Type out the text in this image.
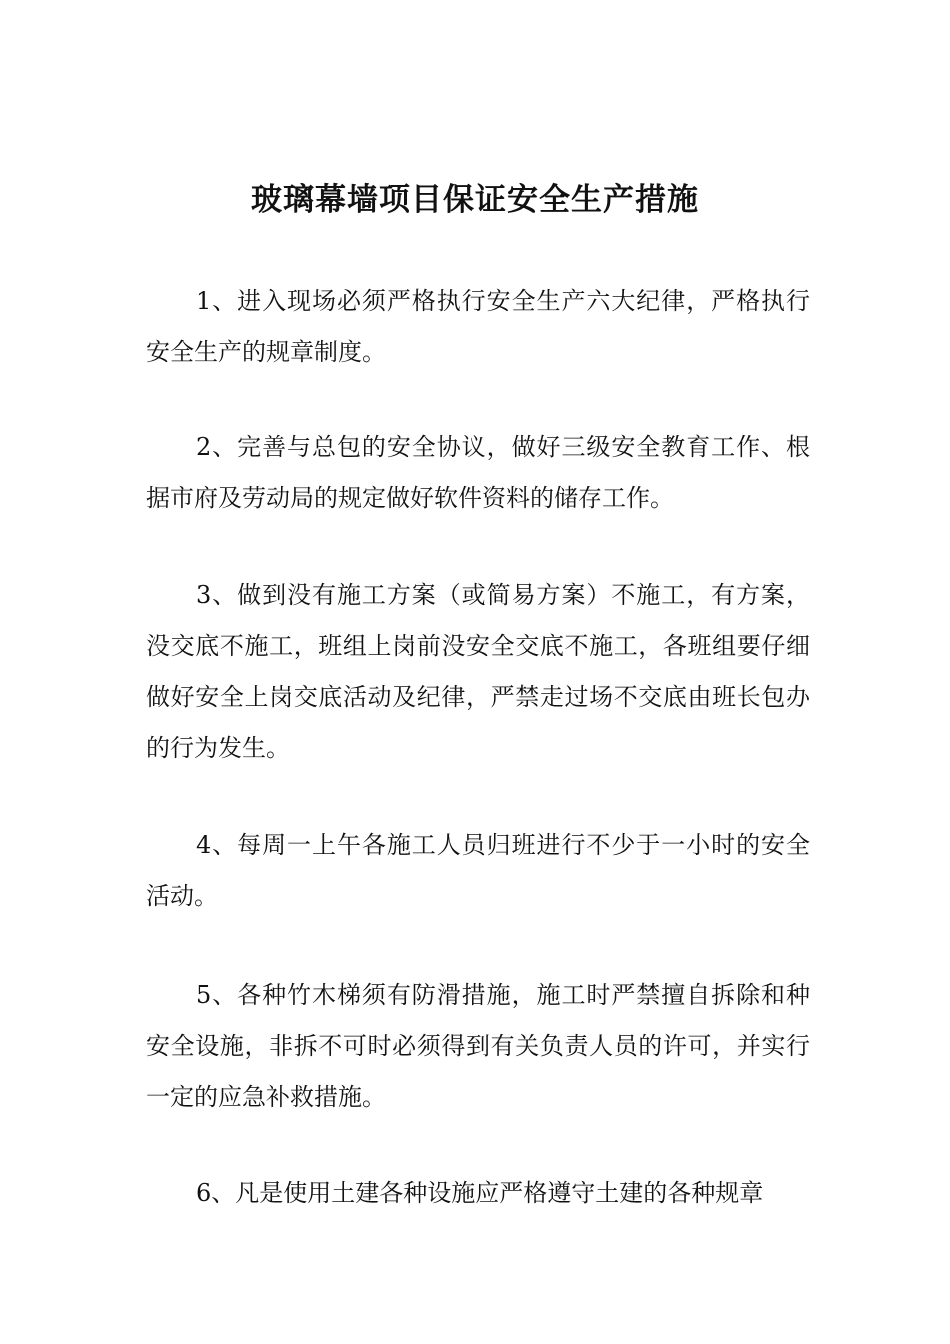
玻璃幕墙项目保证安全生产措施

1、进入现场必须严格执行安全生产六大纪律，严格执行安全生产的规章制度。

2、完善与总包的安全协议，做好三级安全教育工作、根据市府及劳动局的规定做好软件资料的储存工作。

3、做到没有施工方案（或简易方案）不施工，有方案，没交底不施工，班组上岗前没安全交底不施工，各班组要仔细做好安全上岗交底活动及纪律，严禁走过场不交底由班长包办的行为发生。

4、每周一上午各施工人员归班进行不少于一小时的安全活动。

5、各种竹木梯须有防滑措施，施工时严禁擅自拆除和种安全设施，非拆不可时必须得到有关负责人员的许可，并实行一定的应急补救措施。

6、凡是使用土建各种设施应严格遵守土建的各种规章
